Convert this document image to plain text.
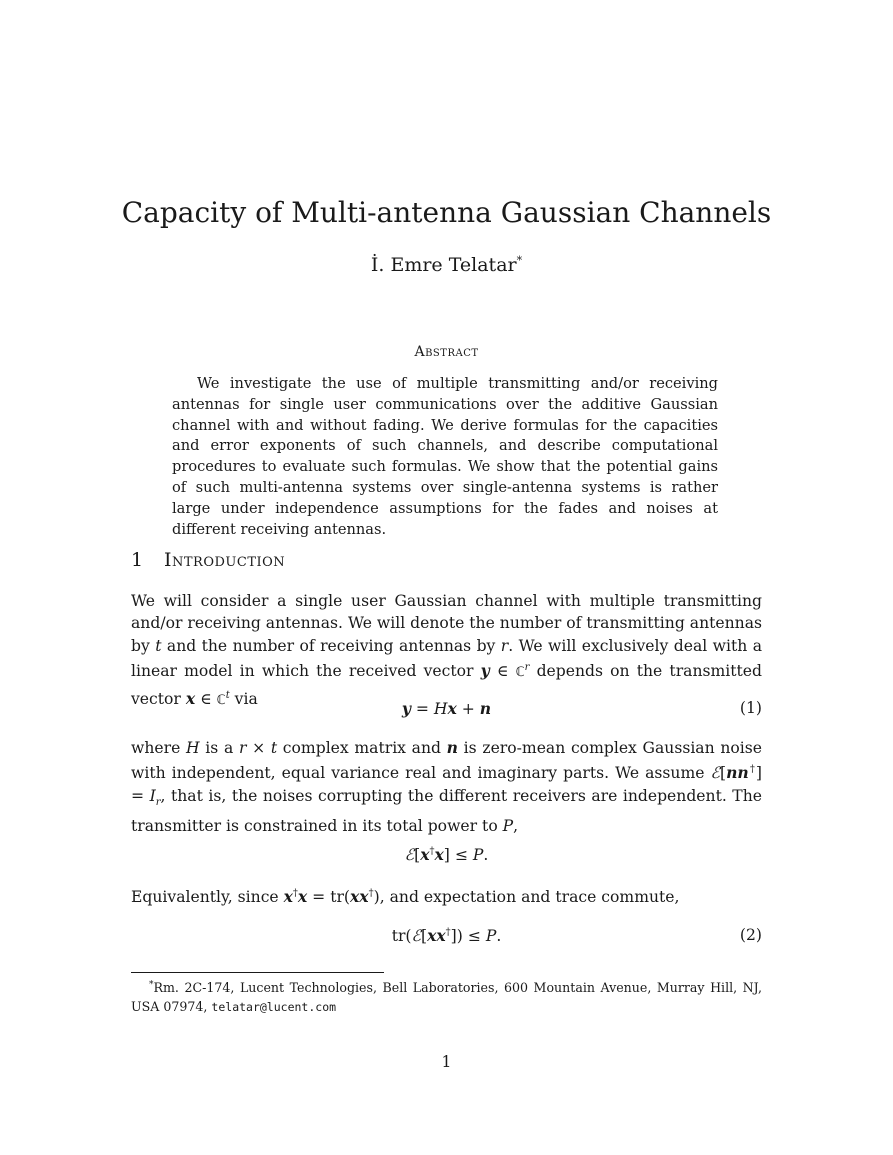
Capacity of Multi-antenna Gaussian Channels
İ. Emre Telatar*
Abstract

We investigate the use of multiple transmitting and/or receiving antennas for single user communications over the additive Gaussian channel with and without fading. We derive formulas for the capacities and error exponents of such channels, and describe computational procedures to evaluate such formulas. We show that the potential gains of such multi-antenna systems over single-antenna systems is rather large under independence assumptions for the fades and noises at different receiving antennas.

1 Introduction

We will consider a single user Gaussian channel with multiple transmitting and/or receiving antennas. We will denote the number of transmitting antennas by t and the number of receiving antennas by r. We will exclusively deal with a linear model in which the received vector y ∈ ℂ$^r$ depends on the transmitted vector x ∈ ℂ$^t$ via	y = Hx + n	(1)

where H is a r × t complex matrix and n is zero-mean complex Gaussian noise with independent, equal variance real and imaginary parts. We assume ℰ[nn†] = $I_r$, that is, the noises corrupting the different receivers are independent. The transmitter is constrained in its total power to P,

ℰ[x†x] ≤ P.

Equivalently, since x†x = tr(xx†), and expectation and trace commute,

tr(ℰ[xx†]) ≤ P.	(2)

*Rm. 2C-174, Lucent Technologies, Bell Laboratories, 600 Mountain Avenue, Murray Hill, NJ, USA 07974, telatar@lucent.com

1
